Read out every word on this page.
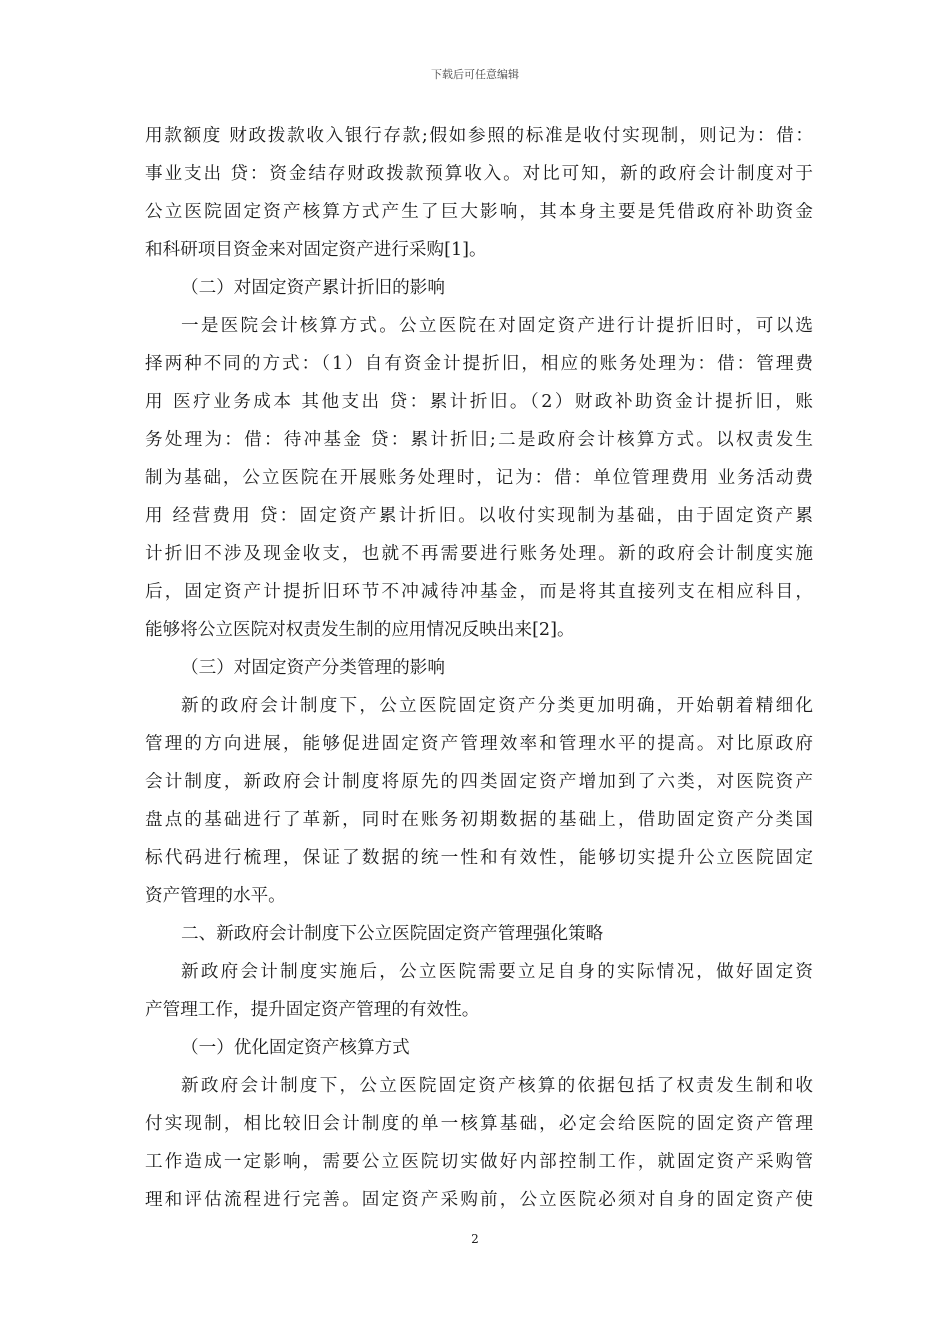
下载后可任意编辑
用款额度 财政拨款收入银行存款;假如参照的标准是收付实现制，则记为：借：
事业支出 贷：资金结存财政拨款预算收入。对比可知，新的政府会计制度对于
公立医院固定资产核算方式产生了巨大影响，其本身主要是凭借政府补助资金
和科研项目资金来对固定资产进行采购[1]。
（二）对固定资产累计折旧的影响
一是医院会计核算方式。公立医院在对固定资产进行计提折旧时，可以选
择两种不同的方式：（1）自有资金计提折旧，相应的账务处理为：借：管理费
用 医疗业务成本 其他支出 贷：累计折旧。（2）财政补助资金计提折旧，账
务处理为：借：待冲基金 贷：累计折旧;二是政府会计核算方式。以权责发生
制为基础，公立医院在开展账务处理时，记为：借：单位管理费用 业务活动费
用 经营费用 贷：固定资产累计折旧。以收付实现制为基础，由于固定资产累
计折旧不涉及现金收支，也就不再需要进行账务处理。新的政府会计制度实施
后，固定资产计提折旧环节不冲减待冲基金，而是将其直接列支在相应科目，
能够将公立医院对权责发生制的应用情况反映出来[2]。
（三）对固定资产分类管理的影响
新的政府会计制度下，公立医院固定资产分类更加明确，开始朝着精细化
管理的方向进展，能够促进固定资产管理效率和管理水平的提高。对比原政府
会计制度，新政府会计制度将原先的四类固定资产增加到了六类，对医院资产
盘点的基础进行了革新，同时在账务初期数据的基础上，借助固定资产分类国
标代码进行梳理，保证了数据的统一性和有效性，能够切实提升公立医院固定
资产管理的水平。
二、新政府会计制度下公立医院固定资产管理强化策略
新政府会计制度实施后，公立医院需要立足自身的实际情况，做好固定资
产管理工作，提升固定资产管理的有效性。
（一）优化固定资产核算方式
新政府会计制度下，公立医院固定资产核算的依据包括了权责发生制和收
付实现制，相比较旧会计制度的单一核算基础，必定会给医院的固定资产管理
工作造成一定影响，需要公立医院切实做好内部控制工作，就固定资产采购管
理和评估流程进行完善。固定资产采购前，公立医院必须对自身的固定资产使
2
